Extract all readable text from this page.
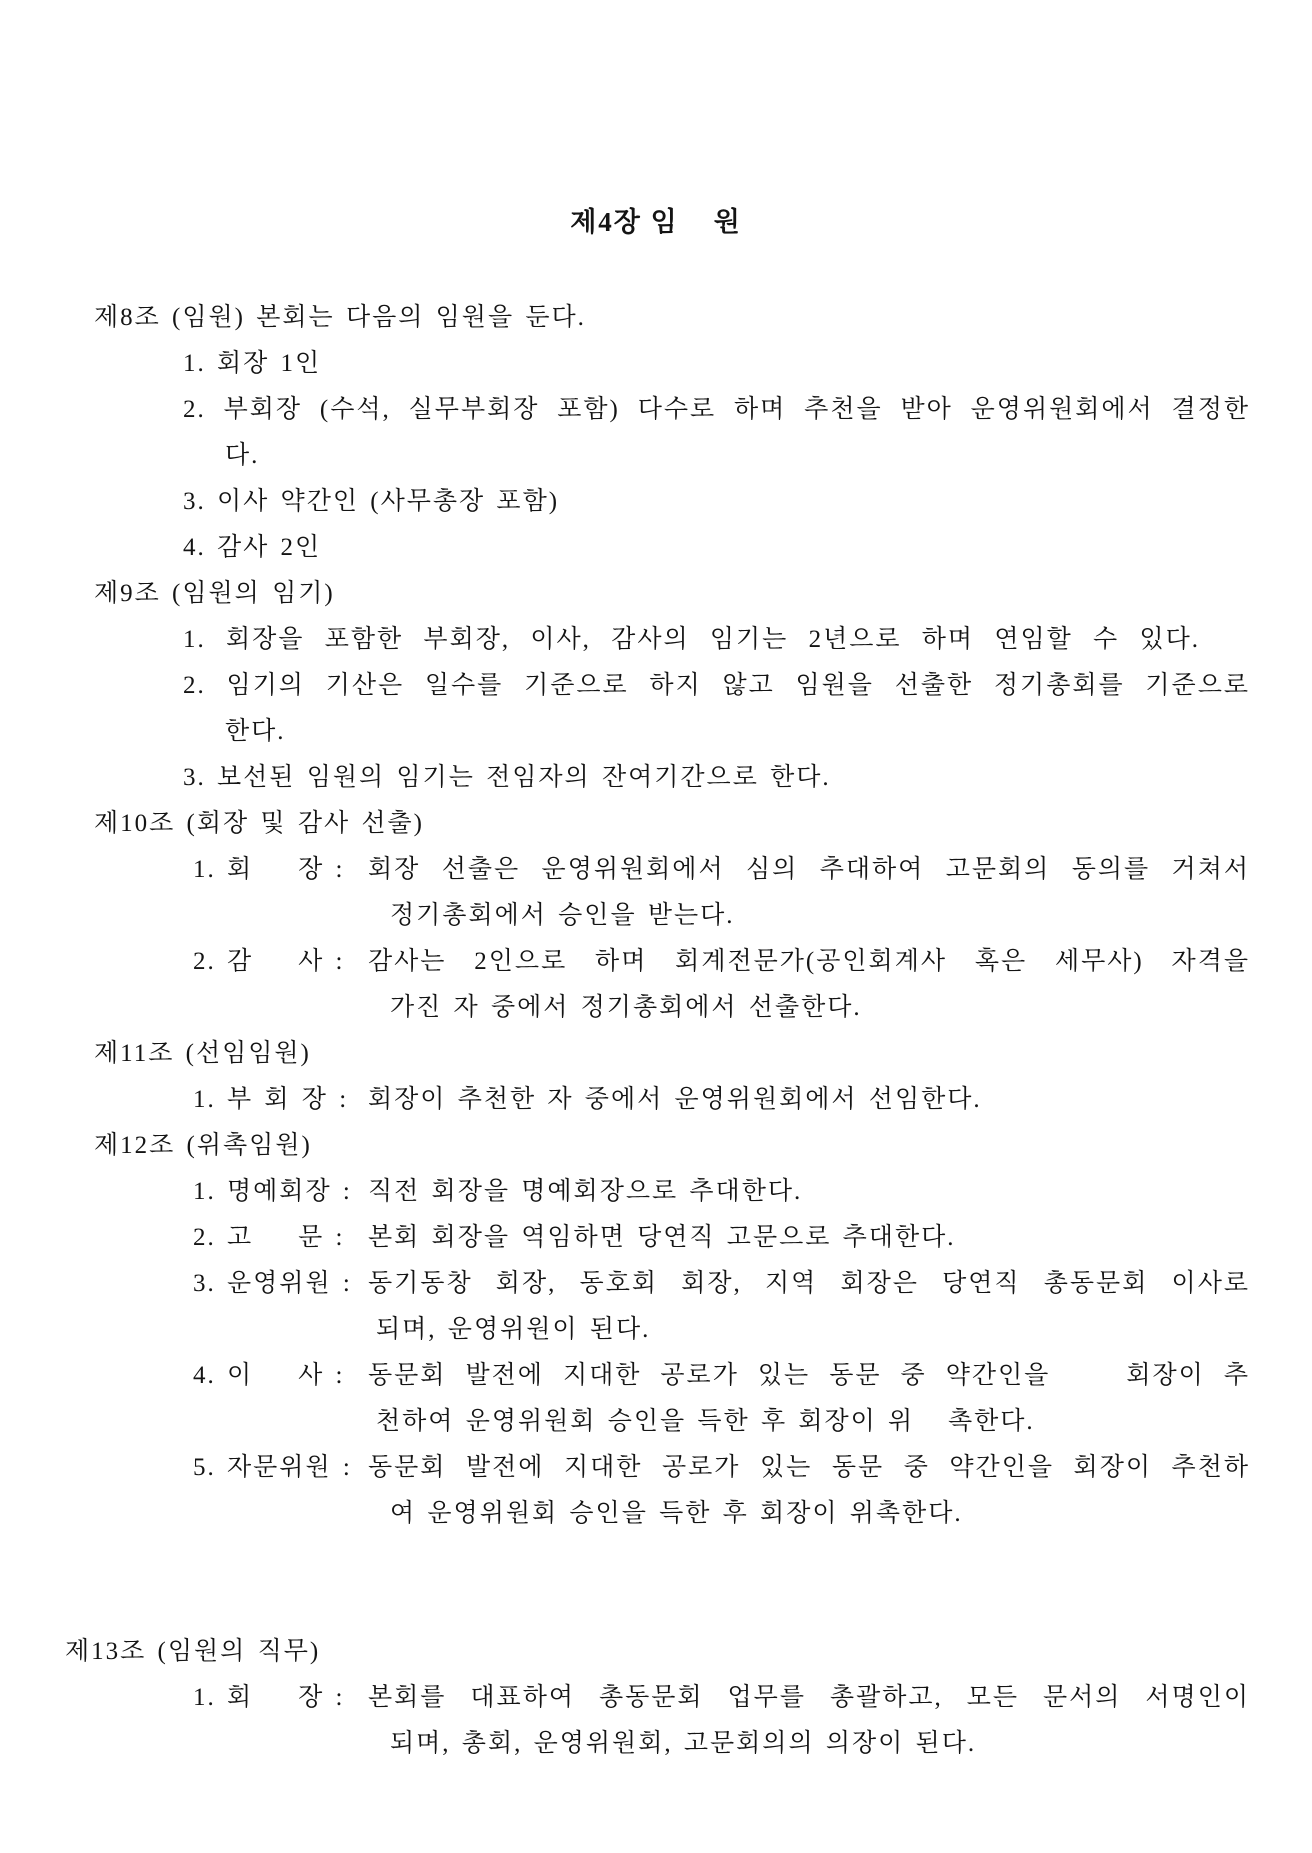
제4장 임    원
제8조 (임원) 본회는 다음의 임원을 둔다.
1. 회장 1인
2. 부회장 (수석, 실무부회장 포함) 다수로 하며 추천을 받아 운영위원회에서 결정한
다.
3. 이사 약간인 (사무총장 포함)
4. 감사 2인
제9조 (임원의 임기)
1. 회장을 포함한 부회장, 이사, 감사의 임기는 2년으로 하며 연임할 수 있다.
2. 임기의 기산은 일수를 기준으로 하지 않고 임원을 선출한 정기총회를 기준으로
한다.
3. 보선된 임원의 임기는 전임자의 잔여기간으로 한다.
제10조 (회장 및 감사 선출)
1. 회    장 : 회장 선출은 운영위원회에서 심의 추대하여 고문회의 동의를 거쳐서
정기총회에서 승인을 받는다.
2. 감    사 : 감사는 2인으로 하며 회계전문가(공인회계사 혹은 세무사) 자격을
가진 자 중에서 정기총회에서 선출한다.
제11조 (선임임원)
1. 부 회 장 : 회장이 추천한 자 중에서 운영위원회에서 선임한다.
제12조 (위촉임원)
1. 명예회장 : 직전 회장을 명예회장으로 추대한다.
2. 고    문 : 본회 회장을 역임하면 당연직 고문으로 추대한다.
3. 운영위원 : 동기동창 회장, 동호회 회장, 지역 회장은 당연직 총동문회 이사로
되며, 운영위원이 된다.
4. 이    사 : 동문회 발전에 지대한 공로가 있는 동문 중 약간인을    회장이 추
천하여 운영위원회 승인을 득한 후 회장이 위   촉한다.
5. 자문위원 : 동문회 발전에 지대한 공로가 있는 동문 중 약간인을 회장이 추천하
여 운영위원회 승인을 득한 후 회장이 위촉한다.
제13조 (임원의 직무)
1. 회    장 : 본회를 대표하여 총동문회 업무를 총괄하고, 모든 문서의 서명인이
되며, 총회, 운영위원회, 고문회의의 의장이 된다.
